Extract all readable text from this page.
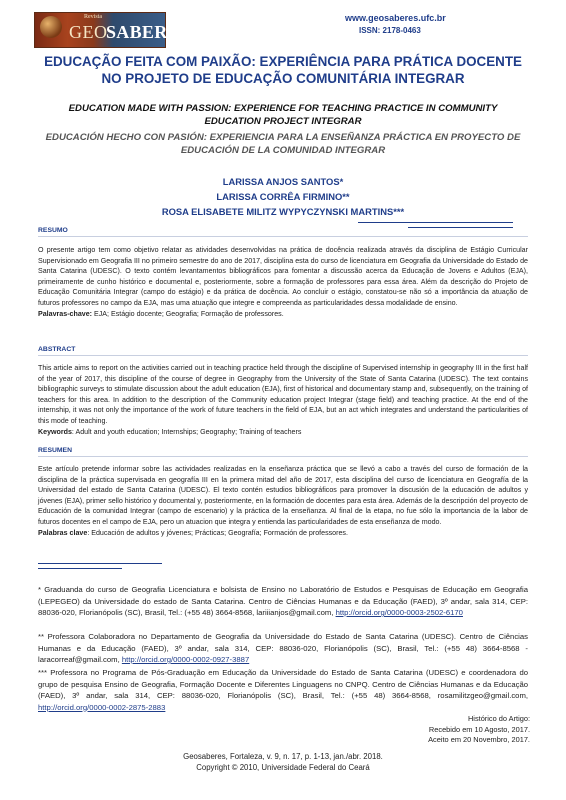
Revista
GEO
SABERES
www.geosaberes.ufc.br
ISSN: 2178-0463
EDUCAÇÃO FEITA COM PAIXÃO: EXPERIÊNCIA PARA PRÁTICA DOCENTE NO PROJETO DE EDUCAÇÃO COMUNITÁRIA INTEGRAR
EDUCATION MADE WITH PASSION: EXPERIENCE FOR TEACHING PRACTICE IN COMMUNITY EDUCATION PROJECT INTEGRAR
EDUCACIÓN HECHO CON PASIÓN: EXPERIENCIA PARA LA ENSEÑANZA PRÁCTICA EN PROYECTO DE EDUCACIÓN DE LA COMUNIDAD INTEGRAR
LARISSA ANJOS SANTOS*
LARISSA CORRÊA FIRMINO**
ROSA ELISABETE MILITZ WYPYCZYNSKI MARTINS***
RESUMO
O presente artigo tem como objetivo relatar as atividades desenvolvidas na prática de docência realizada através da disciplina de Estágio Curricular Supervisionado em Geografia III no primeiro semestre do ano de 2017, disciplina esta do curso de licenciatura em Geografia da Universidade do Estado de Santa Catarina (UDESC). O texto contém levantamentos bibliográficos para fomentar a discussão acerca da Educação de Jovens e Adultos (EJA), primeiramente de cunho histórico e documental e, posteriormente, sobre a formação de professores para essa área. Além da descrição do Projeto de Educação Comunitária Integrar (campo do estágio) e da prática de docência. Ao concluir o estágio, constatou-se não só a importância da atuação de futuros professores no campo da EJA, mas uma atuação que integre e compreenda as particularidades dessa modalidade de ensino.
Palavras-chave: EJA; Estágio docente; Geografia; Formação de professores.
ABSTRACT
This article aims to report on the activities carried out in teaching practice held through the discipline of Supervised internship in geography III in the first half of the year of 2017, this discipline of the course of degree in Geography from the University of the State of Santa Catarina (UDESC). The text contains bibliographic surveys to stimulate discussion about the adult education (EJA), first of historical and documentary stamp and, subsequently, on the training of teachers for this area. In addition to the description of the Community education project Integrar (stage field) and teaching practice. At the end of the internship, it was not only the importance of the work of future teachers in the field of EJA, but an act which integrates and understand the particularities of this mode of teaching.
Keywords: Adult and youth education; Internships; Geography; Training of teachers
RESUMEN
Este artículo pretende informar sobre las actividades realizadas en la enseñanza práctica que se llevó a cabo a través del curso de formación de la disciplina de la práctica supervisada en geografía III en la primera mitad del año de 2017, esta disciplina del curso de licenciatura en Geografía de la Universidad del estado de Santa Catarina (UDESC). El texto contén estudios bibliográficos para promover la discusión de la educación de adultos y jóvenes (EJA), primer sello histórico y documental y, posteriormente, en la formación de docentes para esta área. Además de la descripción del proyecto de Educación de la comunidad Integrar (campo de escenario) y la práctica de la enseñanza. Al final de la etapa, no fue sólo la importancia de la labor de futuros docentes en el campo de EJA, pero un atuacion que integra y entienda las particularidades de esta enseñanza de modo.
Palabras clave: Educación de adultos y jóvenes; Prácticas; Geografía; Formación de professores.
* Graduanda do curso de Geografia Licenciatura e bolsista de Ensino no Laboratório de Estudos e Pesquisas de Educação em Geografia (LEPEGEO) da Universidade do estado de Santa Catarina. Centro de Ciências Humanas e da Educação (FAED), 3º andar, sala 314, CEP: 88036-020, Florianópolis (SC), Brasil, Tel.: (+55 48) 3664-8568, lariiianjos@gmail.com, http://orcid.org/0000-0003-2502-6170
** Professora Colaboradora no Departamento de Geografia da Universidade do Estado de Santa Catarina (UDESC). Centro de Ciências Humanas e da Educação (FAED), 3º andar, sala 314, CEP: 88036-020, Florianópolis (SC), Brasil, Tel.: (+55 48) 3664-8568 - laracorreaf@gmail.com, http://orcid.org/0000-0002-0927-3887
*** Professora no Programa de Pós-Graduação em Educação da Universidade do Estado de Santa Catarina (UDESC) e coordenadora do grupo de pesquisa Ensino de Geografia, Formação Docente e Diferentes Linguagens no CNPQ. Centro de Ciências Humanas e da Educação (FAED), 3º andar, sala 314, CEP: 88036-020, Florianópolis (SC), Brasil, Tel.: (+55 48) 3664-8568, rosamilitzgeo@gmail.com, http://orcid.org/0000-0002-2875-2883
Histórico do Artigo:
Recebido em 10 Agosto, 2017.
Aceito em 20 Novembro, 2017.
Geosaberes, Fortaleza, v. 9, n. 17, p. 1-13, jan./abr. 2018.
Copyright © 2010, Universidade Federal do Ceará
